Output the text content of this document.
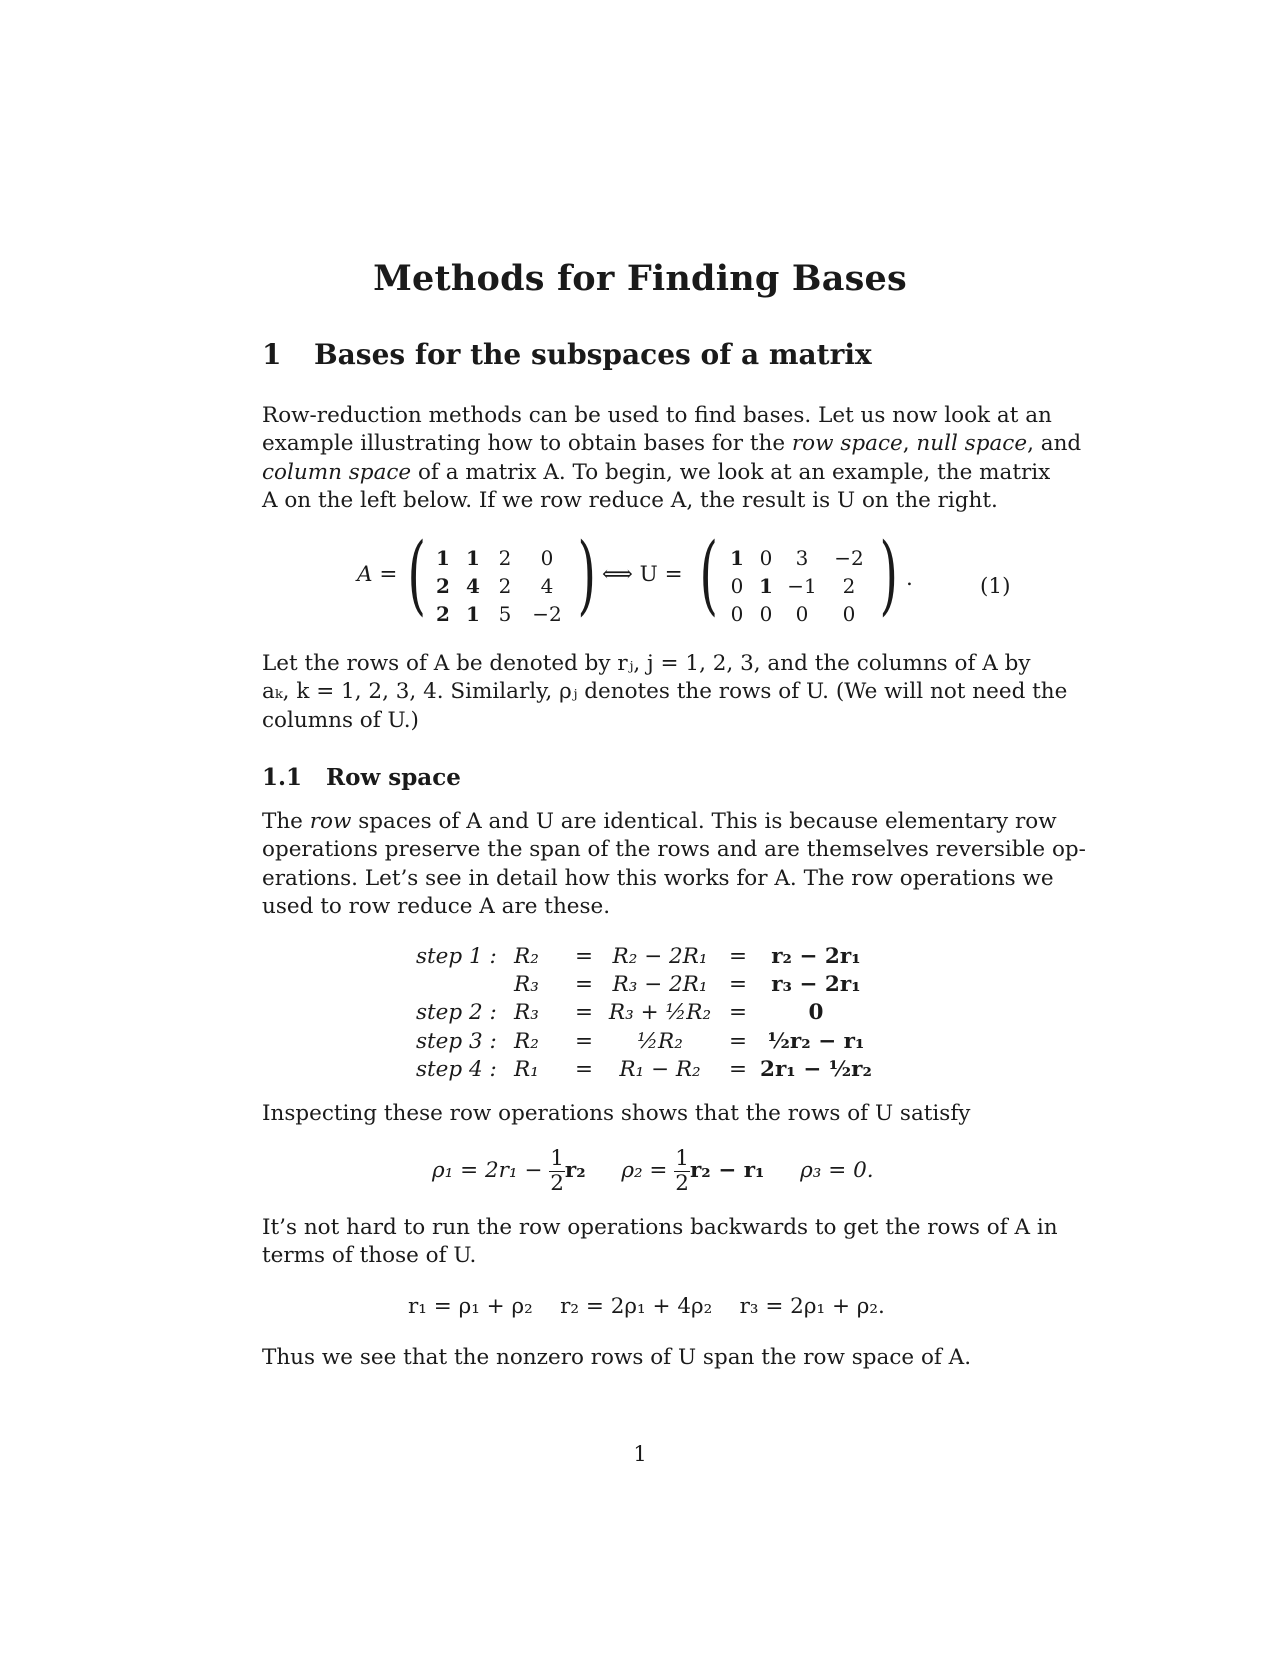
Methods for Finding Bases
1 Bases for the subspaces of a matrix
Row-reduction methods can be used to find bases. Let us now look at an
example illustrating how to obtain bases for the row space, null space, and
column space of a matrix A. To begin, we look at an example, the matrix
A on the left below. If we row reduce A, the result is U on the right.
A = ( 1	1	2	0
2	4	2	4
2	1	5	−2 ) ⟺ U = ( 1	0	3	−2
0	1	−1	2
0	0	0	0 ) .	(1)
Let the rows of A be denoted by rⱼ, j = 1, 2, 3, and the columns of A by
aₖ, k = 1, 2, 3, 4. Similarly, ρⱼ denotes the rows of U. (We will not need the
columns of U.)
1.1 Row space
The row spaces of A and U are identical. This is because elementary row
operations preserve the span of the rows and are themselves reversible op-
erations. Let’s see in detail how this works for A. The row operations we
used to row reduce A are these.
step 1 :	R₂	=	R₂ − 2R₁	=	r₂ − 2r₁
	R₃	=	R₃ − 2R₁	=	r₃ − 2r₁
step 2 :	R₃	=	R₃ + ½R₂	=	0
step 3 :	R₂	=	½R₂	=	½r₂ − r₁
step 4 :	R₁	=	R₁ − R₂	=	2r₁ − ½r₂
Inspecting these row operations shows that the rows of U satisfy
$\rho_1 = 2r_1 - \frac{1}{2} r_2$ $\rho_2 = \frac{1}{2} r_2 - r_1$ ρ₃ = 0.
It’s not hard to run the row operations backwards to get the rows of A in
terms of those of U.
r₁ = ρ₁ + ρ₂    r₂ = 2ρ₁ + 4ρ₂    r₃ = 2ρ₁ + ρ₂.
Thus we see that the nonzero rows of U span the row space of A.
1
